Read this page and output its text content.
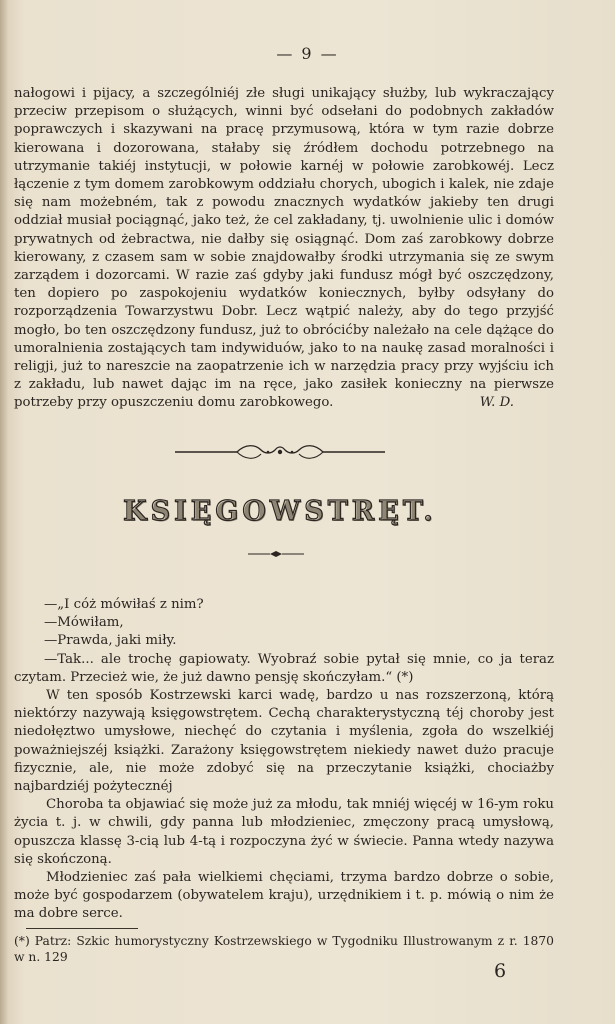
— 9 —

nałogowi i pijacy, a szczególniéj złe sługi unikający służby, lub wykraczający przeciw przepisom o służących, winni być odsełani do podobnych zakładów poprawczych i skazywani na pracę przymusową, która w tym razie dobrze kierowana i dozorowana, stałaby się źródłem dochodu potrzebnego na utrzymanie takiéj instytucji, w połowie karnéj w połowie zarobkowéj. Lecz łączenie z tym domem zarobkowym oddziału chorych, ubogich i kalek, nie zdaje się nam możebném, tak z powodu znacznych wydatków jakieby ten drugi oddział musiał pociągnąć, jako też, że cel zakładany, tj. uwolnienie ulic i domów prywatnych od żebractwa, nie dałby się osiągnąć. Dom zaś zarobkowy dobrze kierowany, z czasem sam w sobie znajdowałby środki utrzymania się ze swym zarządem i dozorcami. W razie zaś gdyby jaki fundusz mógł być oszczędzony, ten dopiero po zaspokojeniu wydatków koniecznych, byłby odsyłany do rozporządzenia Towarzystwu Dobr. Lecz wątpić należy, aby do tego przyjść mogło, bo ten oszczędzony fundusz, już to obrócićby należało na cele dążące do umoralnienia zostających tam indywiduów, jako to na naukę zasad moralności i religji, już to nareszcie na zaopatrzenie ich w narzędzia pracy przy wyjściu ich z zakładu, lub nawet dając im na ręce, jako zasiłek konieczny na pierwsze potrzeby przy opuszczeniu domu zarobkowego.	W. D.

KSIĘGOWSTRĘT.

—„I cóż mówiłaś z nim?

—Mówiłam,

—Prawda, jaki miły.

—Tak... ale trochę gapiowaty. Wyobraź sobie pytał się mnie, co ja teraz czytam. Przecież wie, że już dawno pensję skończyłam.“ (*)

W ten sposób Kostrzewski karci wadę, bardzo u nas rozszerzoną, którą niektórzy nazywają księgowstrętem. Cechą charakterystyczną téj choroby jest niedołęztwo umysłowe, niechęć do czytania i myślenia, zgoła do wszelkiéj poważniejszéj książki. Zarażony księgowstrętem niekiedy nawet dużo pracuje fizycznie, ale, nie może zdobyć się na przeczytanie książki, chociażby najbardziéj pożytecznéj

Choroba ta objawiać się może już za młodu, tak mniéj więcéj w 16-ym roku życia t. j. w chwili, gdy panna lub młodzieniec, zmęczony pracą umysłową, opuszcza klassę 3-cią lub 4-tą i rozpoczyna żyć w świecie. Panna wtedy nazywa się skończoną.

Młodzieniec zaś pała wielkiemi chęciami, trzyma bardzo dobrze o sobie, może być gospodarzem (obywatelem kraju), urzędnikiem i t. p. mówią o nim że ma dobre serce.

(*) Patrz: Szkic humorystyczny Kostrzewskiego w Tygodniku Illustrowanym z r. 1870 w n. 129

6
